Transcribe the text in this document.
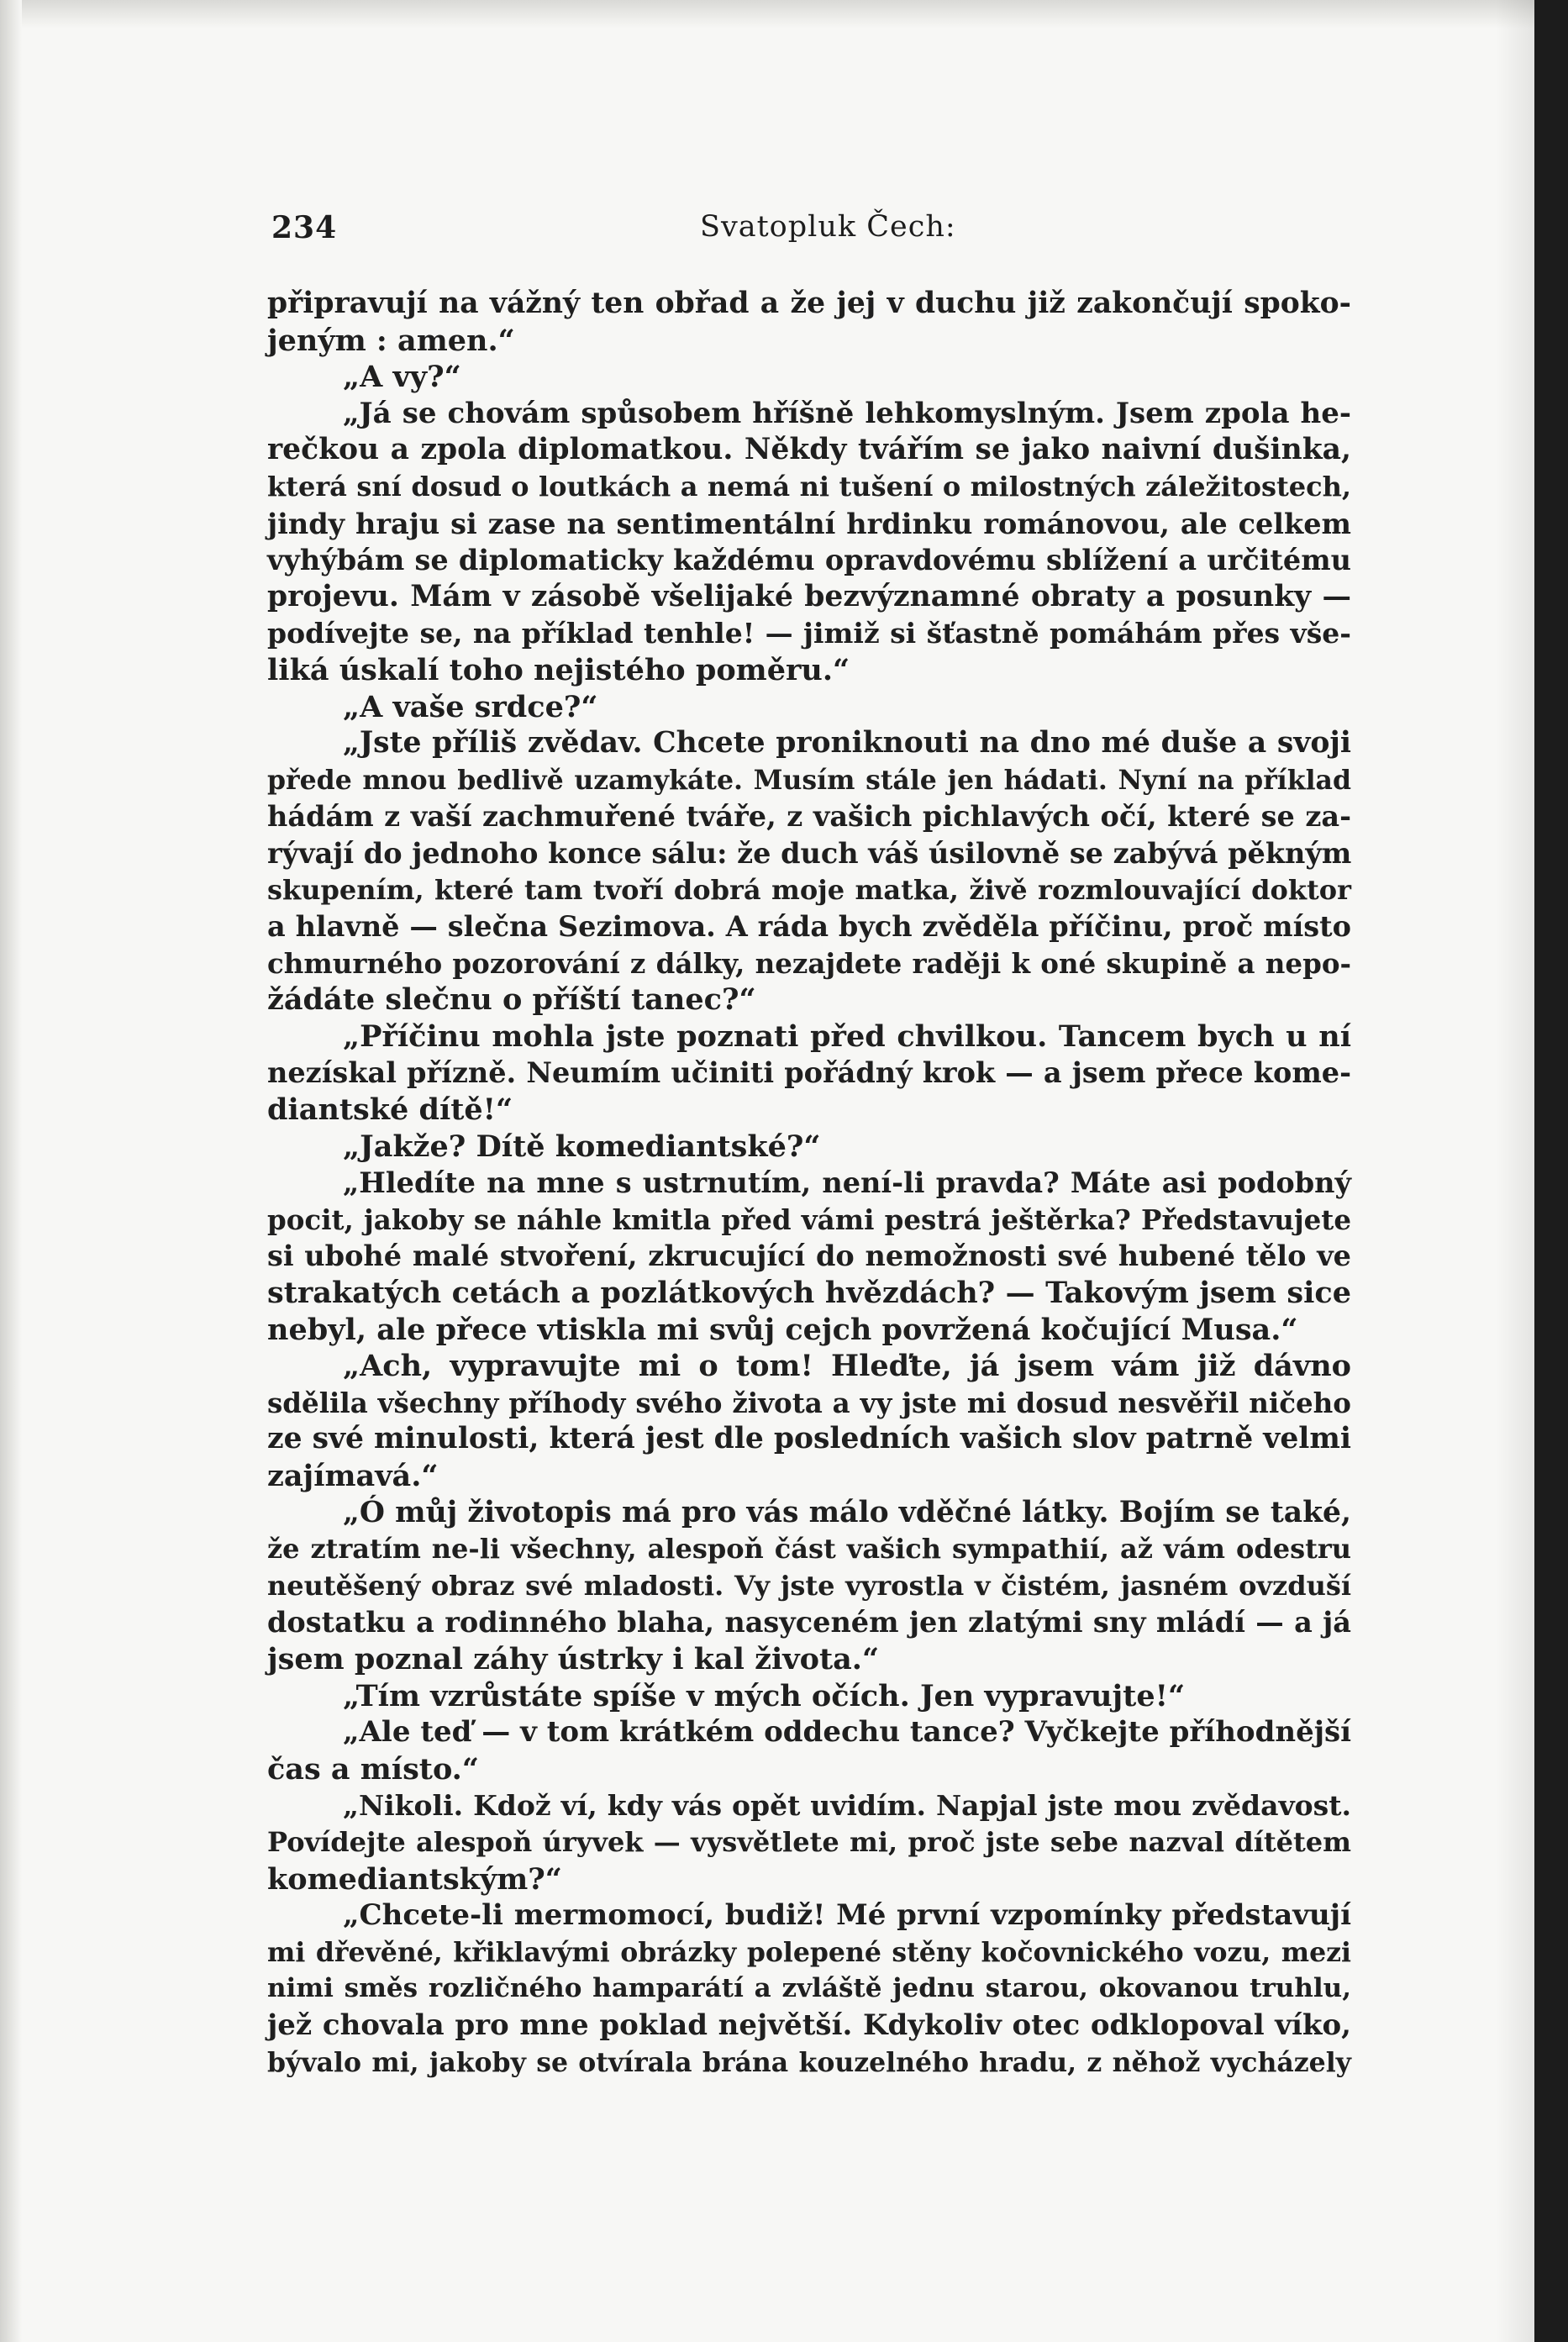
234	Svatopluk Čech:
připravují na vážný ten obřad a že jej v duchu již zakončují spoko-
jeným : amen.“
„A vy?“
„Já se chovám spůsobem hříšně lehkomyslným. Jsem zpola he-
rečkou a zpola diplomatkou. Někdy tvářím se jako naivní dušinka,
která sní dosud o loutkách a nemá ni tušení o milostných záležitostech,
jindy hraju si zase na sentimentální hrdinku románovou, ale celkem
vyhýbám se diplomaticky každému opravdovému sblížení a určitému
projevu. Mám v zásobě všelijaké bezvýznamné obraty a posunky —
podívejte se, na příklad tenhle! — jimiž si šťastně pomáhám přes vše-
liká úskalí toho nejistého poměru.“
„A vaše srdce?“
„Jste příliš zvědav. Chcete proniknouti na dno mé duše a svoji
přede mnou bedlivě uzamykáte. Musím stále jen hádati. Nyní na příklad
hádám z vaší zachmuřené tváře, z vašich pichlavých očí, které se za-
rývají do jednoho konce sálu: že duch váš úsilovně se zabývá pěkným
skupením, které tam tvoří dobrá moje matka, živě rozmlouvající doktor
a hlavně — slečna Sezimova. A ráda bych zvěděla příčinu, proč místo
chmurného pozorování z dálky, nezajdete raději k oné skupině a nepo-
žádáte slečnu o příští tanec?“
„Příčinu mohla jste poznati před chvilkou. Tancem bych u ní
nezískal přízně. Neumím učiniti pořádný krok — a jsem přece kome-
diantské dítě!“
„Jakže? Dítě komediantské?“
„Hledíte na mne s ustrnutím, není-li pravda? Máte asi podobný
pocit, jakoby se náhle kmitla před vámi pestrá ještěrka? Představujete
si ubohé malé stvoření, zkrucující do nemožnosti své hubené tělo ve
strakatých cetách a pozlátkových hvězdách? — Takovým jsem sice
nebyl, ale přece vtiskla mi svůj cejch povržená kočující Musa.“
„Ach, vypravujte mi o tom! Hleďte, já jsem vám již dávno
sdělila všechny příhody svého života a vy jste mi dosud nesvěřil ničeho
ze své minulosti, která jest dle posledních vašich slov patrně velmi
zajímavá.“
„Ó můj životopis má pro vás málo vděčné látky. Bojím se také,
že ztratím ne-li všechny, alespoň část vašich sympathií, až vám odestru
neutěšený obraz své mladosti. Vy jste vyrostla v čistém, jasném ovzduší
dostatku a rodinného blaha, nasyceném jen zlatými sny mládí — a já
jsem poznal záhy ústrky i kal života.“
„Tím vzrůstáte spíše v mých očích. Jen vypravujte!“
„Ale teď — v tom krátkém oddechu tance? Vyčkejte příhodnější
čas a místo.“
„Nikoli. Kdož ví, kdy vás opět uvidím. Napjal jste mou zvědavost.
Povídejte alespoň úryvek — vysvětlete mi, proč jste sebe nazval dítětem
komediantským?“
„Chcete-li mermomocí, budiž! Mé první vzpomínky představují
mi dřevěné, křiklavými obrázky polepené stěny kočovnického vozu, mezi
nimi směs rozličného hamparátí a zvláště jednu starou, okovanou truhlu,
jež chovala pro mne poklad největší. Kdykoliv otec odklopoval víko,
bývalo mi, jakoby se otvírala brána kouzelného hradu, z něhož vycházely
